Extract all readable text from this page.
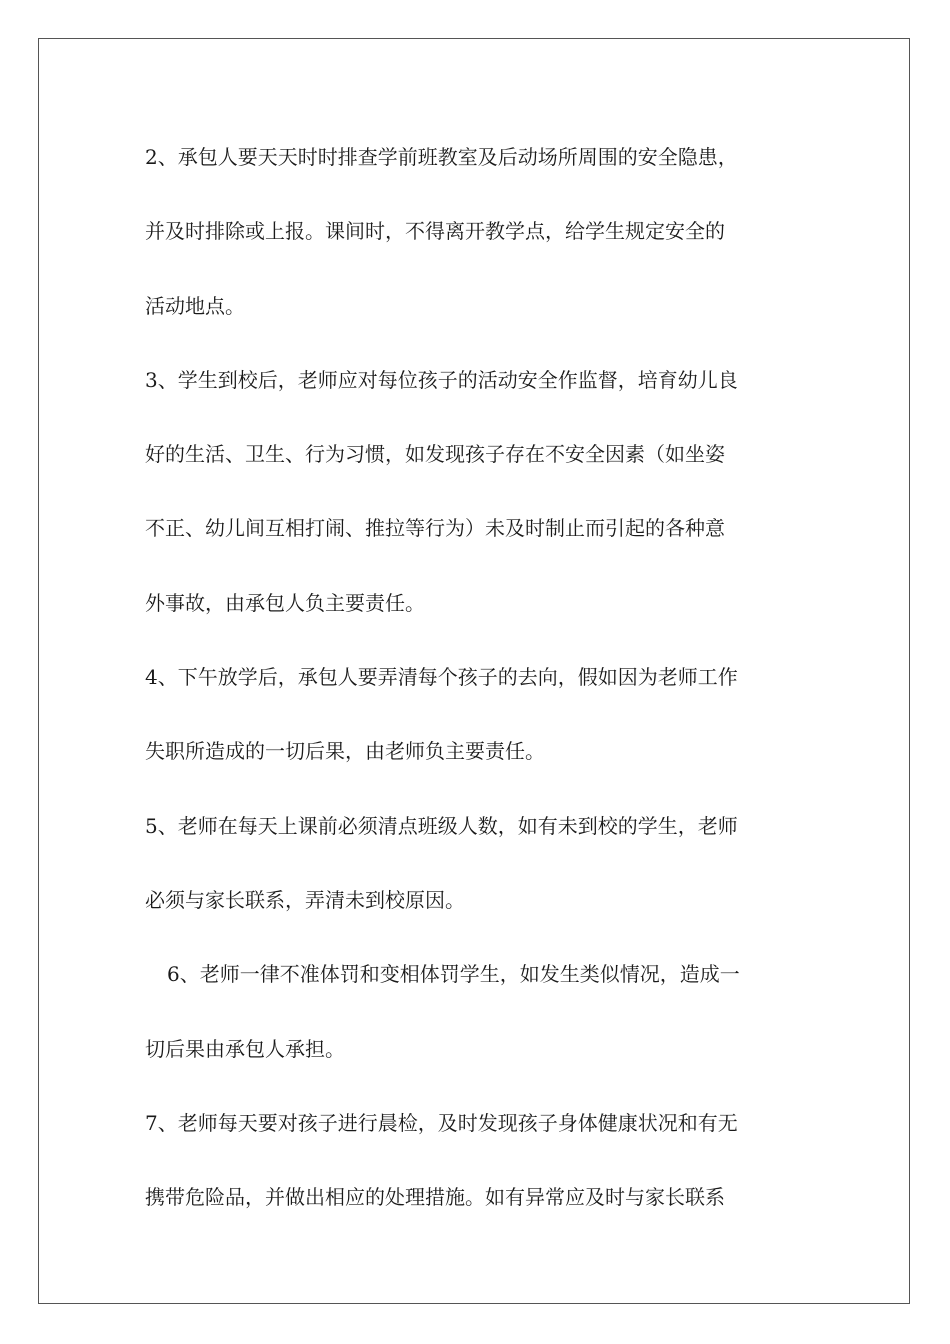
2、承包人要天天时时排查学前班教室及后动场所周围的安全隐患，
并及时排除或上报。课间时，不得离开教学点，给学生规定安全的
活动地点。
3、学生到校后，老师应对每位孩子的活动安全作监督，培育幼儿良
好的生活、卫生、行为习惯，如发现孩子存在不安全因素（如坐姿
不正、幼儿间互相打闹、推拉等行为）未及时制止而引起的各种意
外事故，由承包人负主要责任。
4、下午放学后，承包人要弄清每个孩子的去向，假如因为老师工作
失职所造成的一切后果，由老师负主要责任。
5、老师在每天上课前必须清点班级人数，如有未到校的学生，老师
必须与家长联系，弄清未到校原因。
6、老师一律不准体罚和变相体罚学生，如发生类似情况，造成一
切后果由承包人承担。
7、老师每天要对孩子进行晨检，及时发现孩子身体健康状况和有无
携带危险品，并做出相应的处理措施。如有异常应及时与家长联系
